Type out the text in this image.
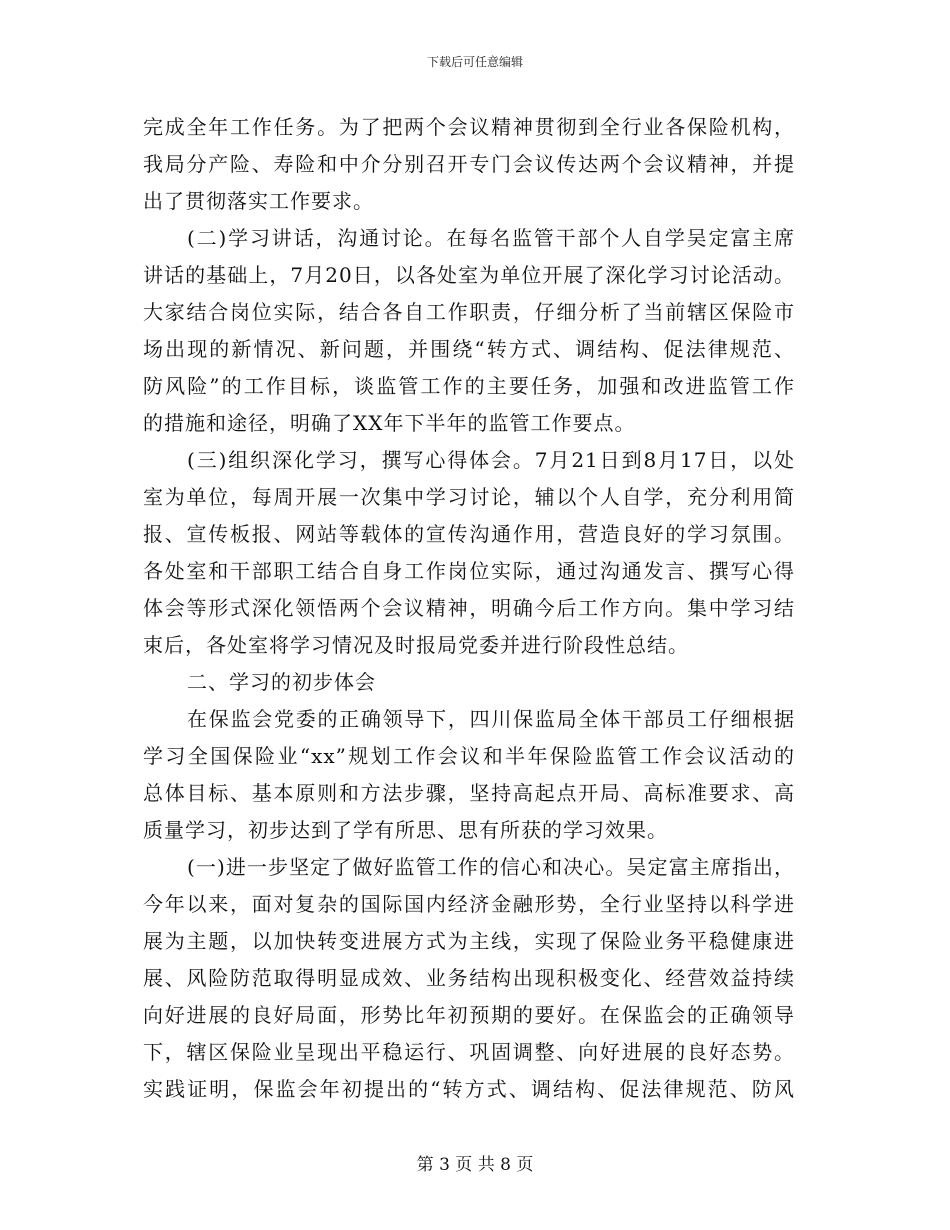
下载后可任意编辑
完成全年工作任务。为了把两个会议精神贯彻到全行业各保险机构，
我局分产险、寿险和中介分别召开专门会议传达两个会议精神，并提
出了贯彻落实工作要求。
(二)学习讲话，沟通讨论。在每名监管干部个人自学吴定富主席
讲话的基础上，7月20日，以各处室为单位开展了深化学习讨论活动。
大家结合岗位实际，结合各自工作职责，仔细分析了当前辖区保险市
场出现的新情况、新问题，并围绕“转方式、调结构、促法律规范、
防风险”的工作目标，谈监管工作的主要任务，加强和改进监管工作
的措施和途径，明确了XX年下半年的监管工作要点。
(三)组织深化学习，撰写心得体会。7月21日到8月17日，以处
室为单位，每周开展一次集中学习讨论，辅以个人自学，充分利用简
报、宣传板报、网站等载体的宣传沟通作用，营造良好的学习氛围。
各处室和干部职工结合自身工作岗位实际，通过沟通发言、撰写心得
体会等形式深化领悟两个会议精神，明确今后工作方向。集中学习结
束后，各处室将学习情况及时报局党委并进行阶段性总结。
二、学习的初步体会
在保监会党委的正确领导下，四川保监局全体干部员工仔细根据
学习全国保险业“xx”规划工作会议和半年保险监管工作会议活动的
总体目标、基本原则和方法步骤，坚持高起点开局、高标准要求、高
质量学习，初步达到了学有所思、思有所获的学习效果。
(一)进一步坚定了做好监管工作的信心和决心。吴定富主席指出，
今年以来，面对复杂的国际国内经济金融形势，全行业坚持以科学进
展为主题，以加快转变进展方式为主线，实现了保险业务平稳健康进
展、风险防范取得明显成效、业务结构出现积极变化、经营效益持续
向好进展的良好局面，形势比年初预期的要好。在保监会的正确领导
下，辖区保险业呈现出平稳运行、巩固调整、向好进展的良好态势。
实践证明，保监会年初提出的“转方式、调结构、促法律规范、防风
第 3 页 共 8 页
